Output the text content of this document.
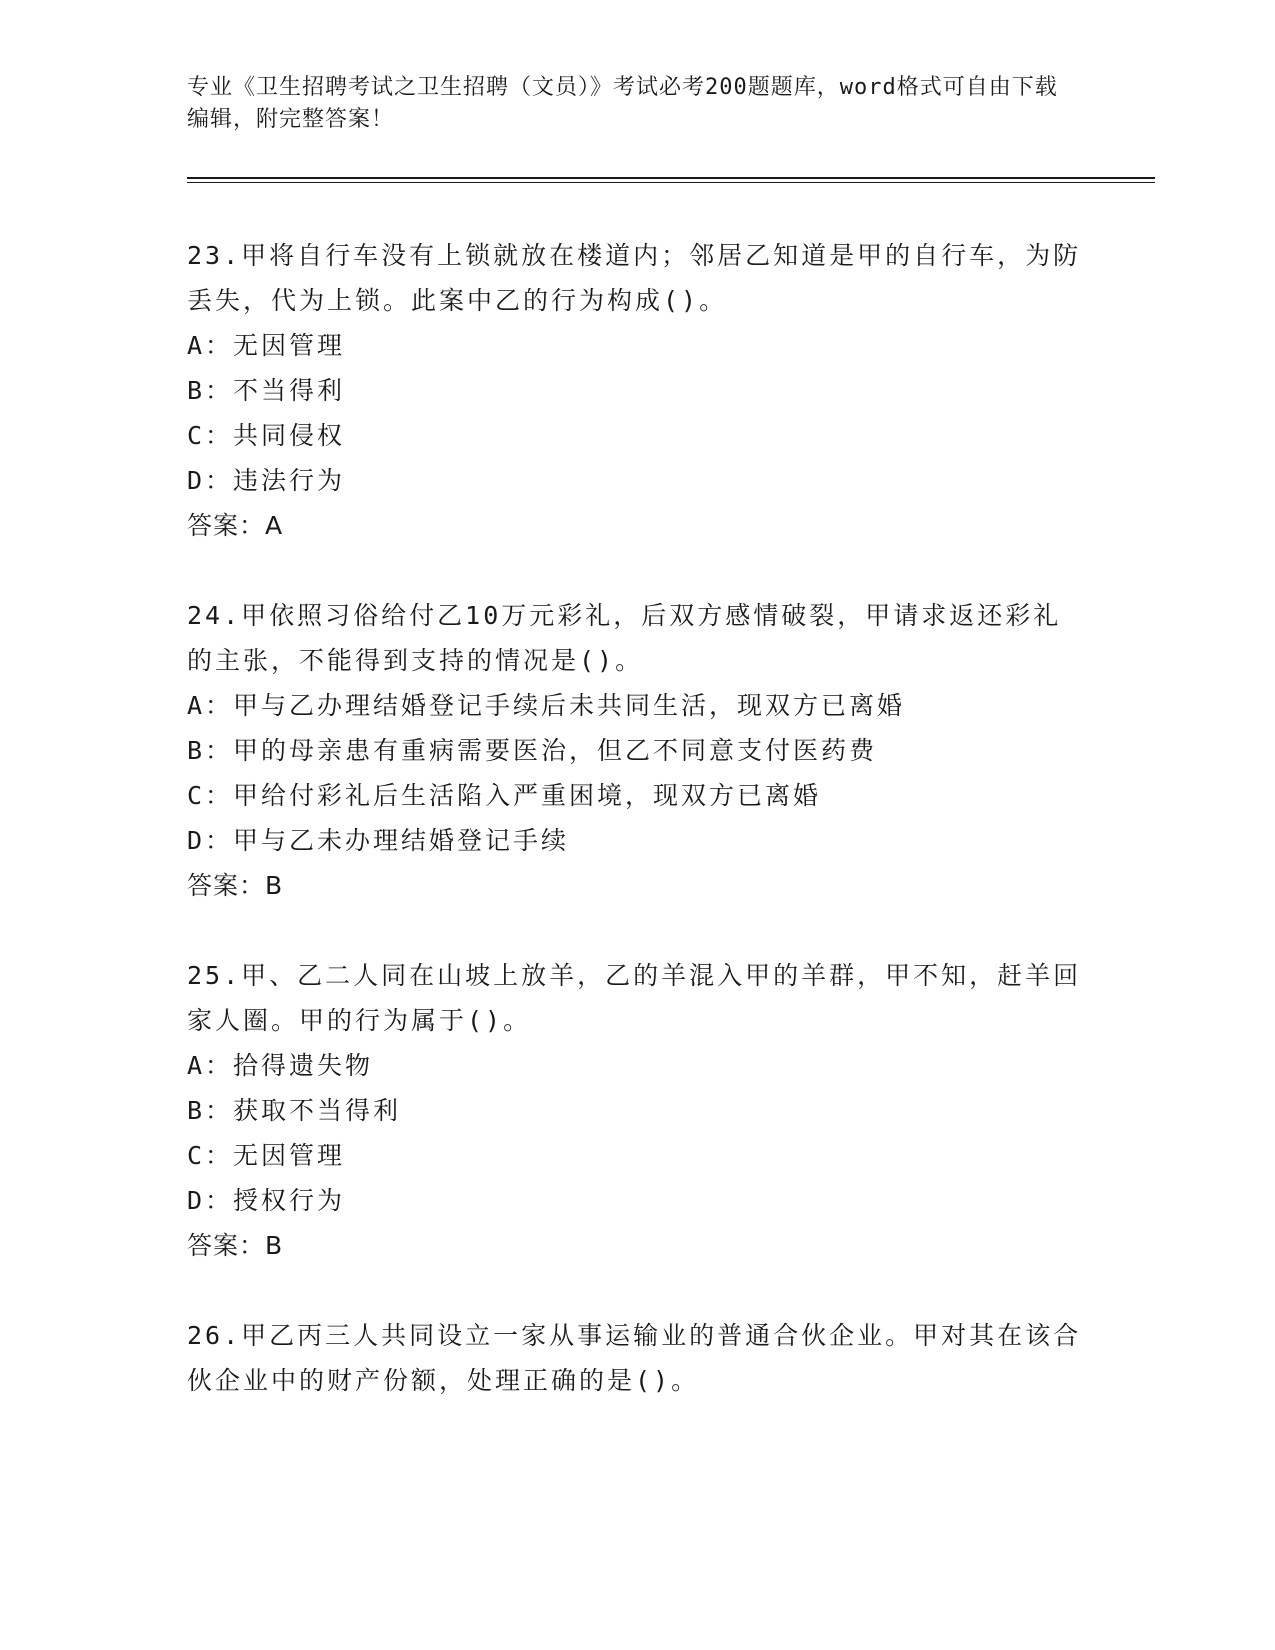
专业《卫生招聘考试之卫生招聘（文员）》考试必考200题题库，word格式可自由下载编辑，附完整答案！

23.甲将自行车没有上锁就放在楼道内；邻居乙知道是甲的自行车，为防丢失，代为上锁。此案中乙的行为构成()。

A：无因管理

B：不当得利

C：共同侵权

D：违法行为

答案：A

24.甲依照习俗给付乙10万元彩礼，后双方感情破裂，甲请求返还彩礼的主张，不能得到支持的情况是()。

A：甲与乙办理结婚登记手续后未共同生活，现双方已离婚

B：甲的母亲患有重病需要医治，但乙不同意支付医药费

C：甲给付彩礼后生活陷入严重困境，现双方已离婚

D：甲与乙未办理结婚登记手续

答案：B

25.甲、乙二人同在山坡上放羊，乙的羊混入甲的羊群，甲不知，赶羊回家人圈。甲的行为属于()。

A：拾得遗失物

B：获取不当得利

C：无因管理

D：授权行为

答案：B

26.甲乙丙三人共同设立一家从事运输业的普通合伙企业。甲对其在该合伙企业中的财产份额，处理正确的是()。
